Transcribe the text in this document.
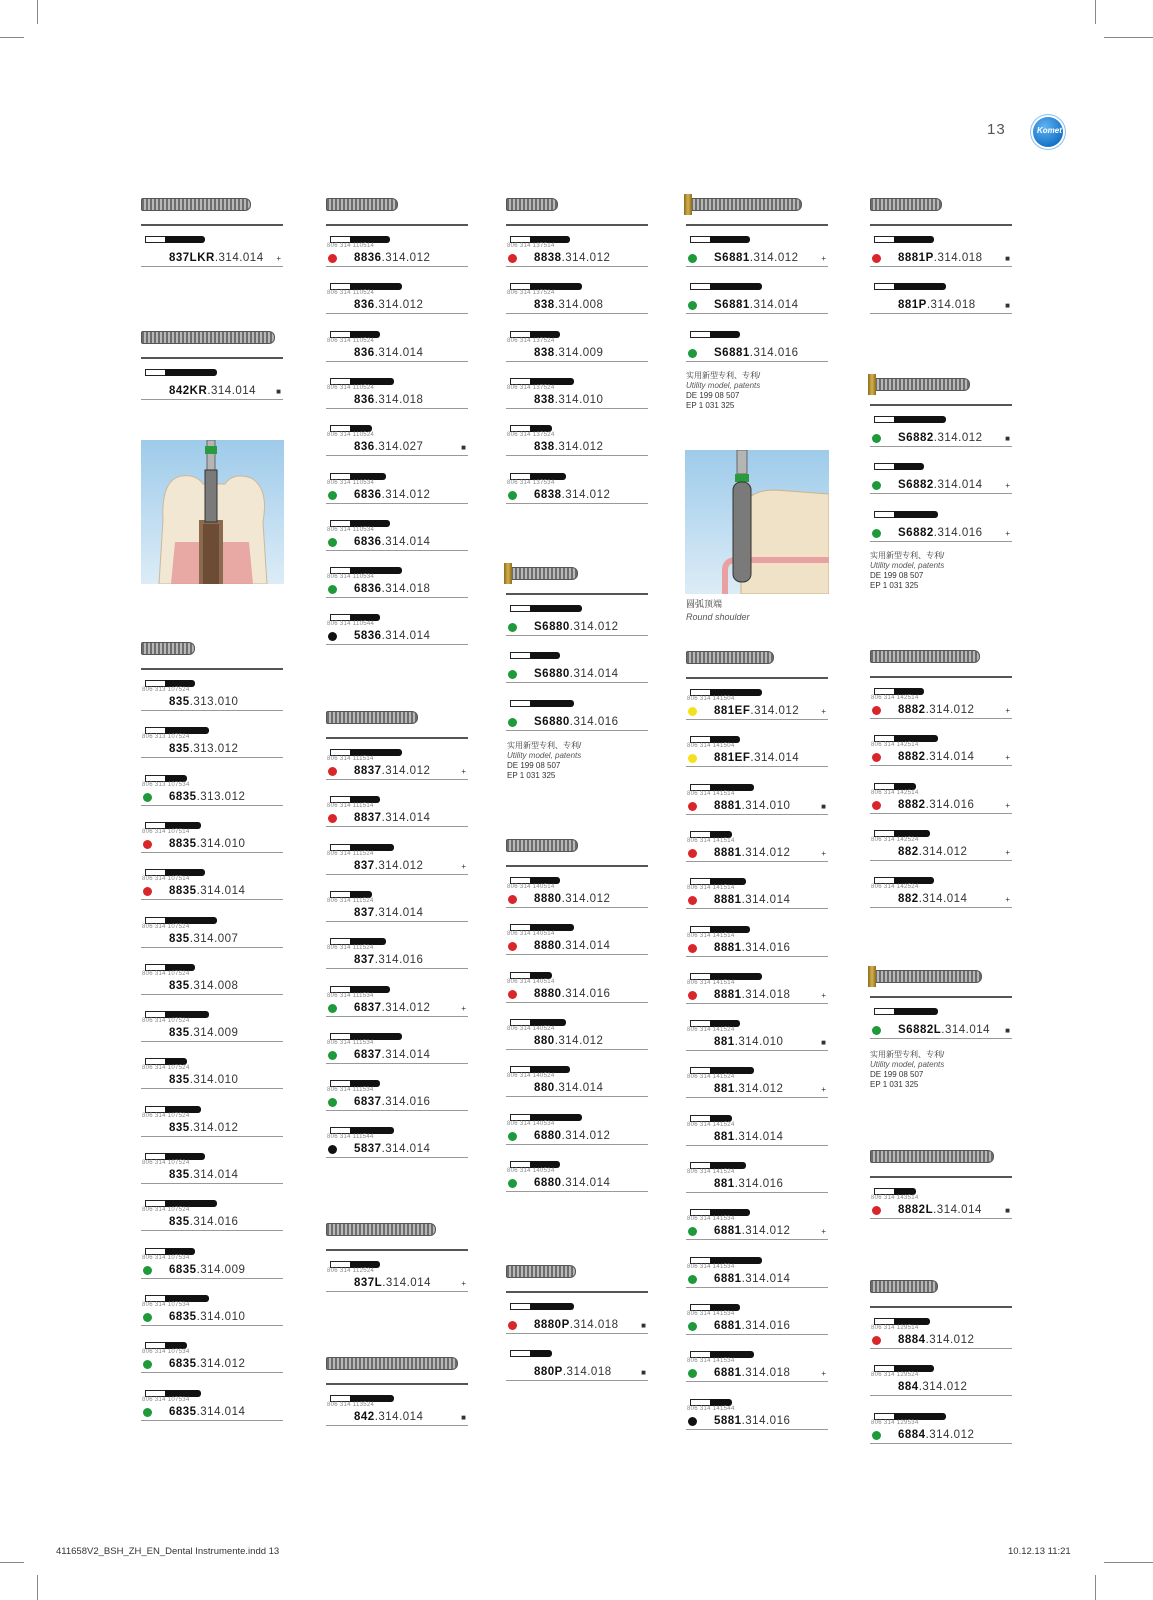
13	Komet
实用新型专利、专利/
Utility model, patents
DE 199 08 507
EP 1 031 325
实用新型专利、专利/
Utility model, patents
DE 199 08 507
EP 1 031 325
圆弧顶端
Round shoulder
实用新型专利、专利/
Utility model, patents
DE 199 08 507
EP 1 031 325
实用新型专利、专利/
Utility model, patents
DE 199 08 507
EP 1 031 325
837LKR.314.014 +
842KR.314.014	■
806 313 107524
835.313.010
806 313 107524
835.313.012
806 313 107534
6835.313.012
806 314 107514
8835.314.010
806 314 107514
8835.314.014
806 314 107524
835.314.007
806 314 107524
835.314.008
806 314 107524
835.314.009
806 314 107524
835.314.010
806 314 107524
835.314.012
806 314 107524
835.314.014
806 314 107524
835.314.016
806 314 107534
6835.314.009
806 314 107534
6835.314.010
806 314 107534
6835.314.012
806 314 107534
6835.314.014
806 314 110514
8836.314.012
806 314 110524
836.314.012
806 314 110524
836.314.014
806 314 110524
836.314.018
806 314 110524
836.314.027	■
806 314 110534
6836.314.012
806 314 110534
6836.314.014
806 314 110534
6836.314.018
806 314 110544
5836.314.014
806 314 111514
8837.314.012	+
806 314 111514
8837.314.014
806 314 111524
837.314.012	+
806 314 111524
837.314.014
806 314 111524
837.314.016
806 314 111534
6837.314.012	+
806 314 111534
6837.314.014
806 314 111534
6837.314.016
806 314 111544
5837.314.014
806 314 112524
837L.314.014	+
806 314 113524
842.314.014	■
806 314 137514
8838.314.012
806 314 137524
838.314.008
806 314 137524
838.314.009
806 314 137524
838.314.010
806 314 137524
838.314.012
806 314 137534
6838.314.012
S6880.314.012
S6880.314.014
S6880.314.016
806 314 140514
8880.314.012
806 314 140514
8880.314.014
806 314 140514
8880.314.016
806 314 140524
880.314.012
806 314 140524
880.314.014
806 314 140534
6880.314.012
806 314 140534
6880.314.014
8880P.314.018	■
880P.314.018	■
S6881.314.012	+
S6881.314.014
S6881.314.016
806 314 141504
881EF.314.012	+
806 314 141504
881EF.314.014
806 314 141514
8881.314.010	■
806 314 141514
8881.314.012	+
806 314 141514
8881.314.014
806 314 141514
8881.314.016
806 314 141514
8881.314.018	+
806 314 141524
881.314.010	■
806 314 141524
881.314.012	+
806 314 141524
881.314.014
806 314 141524
881.314.016
806 314 141534
6881.314.012	+
806 314 141534
6881.314.014
806 314 141534
6881.314.016
806 314 141534
6881.314.018	+
806 314 141544
5881.314.016
8881P.314.018	■
881P.314.018	■
S6882.314.012	■
S6882.314.014	+
S6882.314.016	+
806 314 142514
8882.314.012	+
806 314 142514
8882.314.014	+
806 314 142514
8882.314.016	+
806 314 142524
882.314.012	+
806 314 142524
882.314.014	+
S6882L.314.014 ■
806 314 143514
8882L.314.014	■
806 314 129514
8884.314.012
806 314 129524
884.314.012
806 314 129534
6884.314.012
411658V2_BSH_ZH_EN_Dental Instrumente.indd 13	10.12.13 11:21
